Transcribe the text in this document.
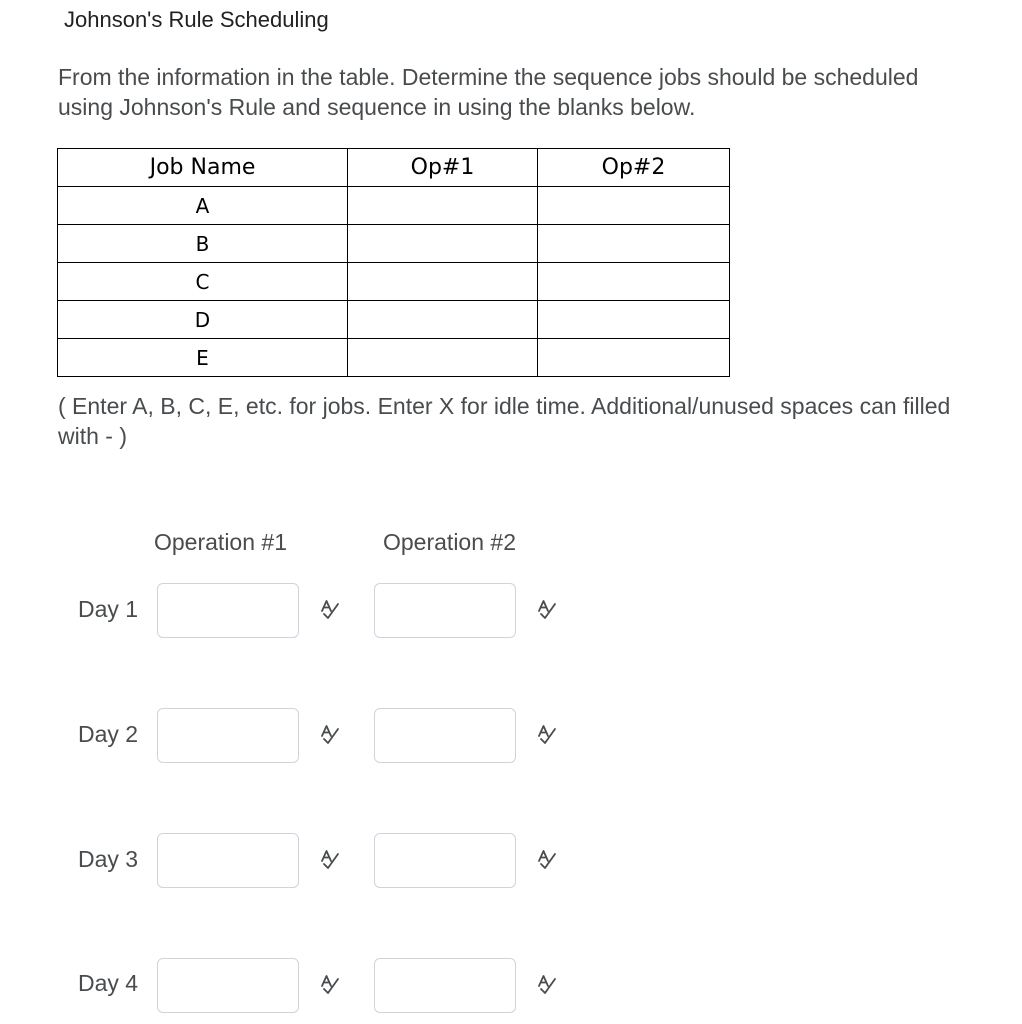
Johnson's Rule Scheduling
From the information in the table. Determine the sequence jobs should be scheduled using Johnson's Rule and sequence in using the blanks below.
Job Name	Op#1	Op#2
A		
B		
C		
D		
E		
( Enter A, B, C, E, etc. for jobs. Enter X for idle time. Additional/unused spaces can filled with - )
Operation #1	Operation #2
Day 1
Day 2
Day 3
Day 4
